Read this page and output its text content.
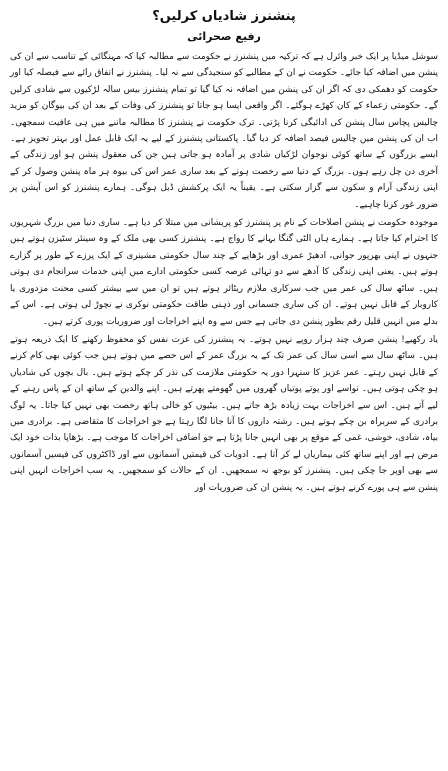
پنشنرز شادیاں کرلیں؟
رفیع صحرائی

سوشل میڈیا پر ایک خبر وائرل ہے کہ ترکیہ میں پنشنرز نے حکومت سے مطالبہ کیا کہ مہنگائی کے تناسب سے ان کی پنشن میں اضافہ کیا جائے۔ حکومت نے ان کے مطالبے کو سنجیدگی سے نہ لیا۔ پنشنرز نے اتفاق رائے سے فیصلہ کیا اور حکومت کو دھمکی دی کہ اگر ان کی پنشن میں اضافہ نہ کیا گیا تو تمام پنشنرز بیس سالہ لڑکیوں سے شادی کرلیں گے۔ حکومتی زعماء کے کان کھڑے ہوگئے۔ اگر واقعی ایسا ہو جاتا تو پنشنرز کی وفات کے بعد ان کی بیوگان کو مزید چالیس پچاس سال پنشن کی ادائیگی کرنا پڑتی۔ ترک حکومت نے پنشنرز کا مطالبہ ماننے میں ہی عافیت سمجھی۔ اب ان کی پنشن میں چالیس فیصد اضافہ کر دیا گیا۔ پاکستانی پنشنرز کے لیے یہ ایک قابل عمل اور بہتر تجویز ہے۔ ایسے بزرگوں کے ساتھ کوئی نوجوان لڑکیاں شادی پر آمادہ ہو جاتی ہیں جن کی معقول پنشن ہو اور زندگی کے آخری دن چل رہے ہوں۔ بزرگ کے دنیا سے رخصت ہونے کے بعد ساری عمر اس کی بیوہ ہر ماہ پنشن وصول کر کے اپنی زندگی آرام و سکون سے گزار سکتی ہے۔ یقیناً یہ ایک پرکشش ڈیل ہوگی۔ ہمارے پنشنرز کو اس آپشن پر ضرور غور کرنا چاہیے۔

موجودہ حکومت نے پنشن اصلاحات کے نام پر پنشنرز کو پریشانی میں مبتلا کر دیا ہے۔ ساری دنیا میں بزرگ شہریوں کا احترام کیا جاتا ہے۔ ہمارے ہاں الٹی گنگا بہانے کا رواج ہے۔ پنشنرز کسی بھی ملک کے وہ سینئر سٹیزن ہوتے ہیں جنہوں نے اپنی بھرپور جوانی، ادھیڑ عمری اور بڑھاپے کے چند سال حکومتی مشینری کے ایک پرزے کے طور پر گزارے ہوتے ہیں۔ یعنی اپنی زندگی کا آدھے سے دو تہائی عرصہ کسی حکومتی ادارے میں اپنی خدمات سرانجام دی ہوتی ہیں۔ ساٹھ سال کی عمر میں جب سرکاری ملازم ریٹائر ہوتے ہیں تو ان میں سے بیشتر کسی محنت مزدوری یا کاروبار کے قابل نہیں ہوتے۔ ان کی ساری جسمانی اور ذہنی طاقت حکومتی نوکری نے نچوڑ لی ہوتی ہے۔ اس کے بدلے میں انہیں قلیل رقم بطور پنشن دی جاتی ہے جس سے وہ اپنے اخراجات اور ضروریات پوری کرتے ہیں۔

یاد رکھیے! پنشن صرف چند ہزار روپے نہیں ہوتے۔ یہ پنشنرز کی عزت نفس کو محفوظ رکھنے کا ایک ذریعہ ہوتے ہیں۔ ساٹھ سال سے اسی سال کی عمر تک کے یہ بزرگ عمر کے اس حصے میں ہوتے ہیں جب کوئی بھی کام کرنے کے قابل نہیں رہتے۔ عمر عزیز کا سنہرا دور یہ حکومتی ملازمت کی نذر کر چکے ہوتے ہیں۔ بال بچوں کی شادیاں ہو چکی ہوتی ہیں۔ نواسے اور پوتے پوتیاں گھروں میں گھومتے پھرتے ہیں۔ اپنے والدین کے ساتھ ان کے پاس رہنے کے لیے آتے ہیں۔ اس سے اخراجات بہت زیادہ بڑھ جاتے ہیں۔ بیٹیوں کو خالی ہاتھ رخصت بھی نہیں کیا جاتا۔ یہ لوگ برادری کے سربراہ بن چکے ہوتے ہیں۔ رشتہ داروں کا آنا جانا لگا رہتا ہے جو اخراجات کا متقاضی ہے۔ برادری میں بیاہ، شادی، خوشی، غمی کے موقع پر بھی انہیں جانا پڑتا ہے جو اضافی اخراجات کا موجب ہے۔ بڑھاپا بذات خود ایک مرض ہے اور اپنے ساتھ کئی بیماریاں لے کر آتا ہے۔ ادویات کی قیمتیں آسمانوں سے اور ڈاکٹروں کی فیسیں آسمانوں سے بھی اوپر جا چکی ہیں۔ پنشنرز کو بوجھ نہ سمجھیں۔ ان کے حالات کو سمجھیں۔ یہ سب اخراجات انہیں اپنی پنشن سے ہی پورے کرنے ہوتے ہیں۔ یہ پنشن ان کی ضروریات اور
